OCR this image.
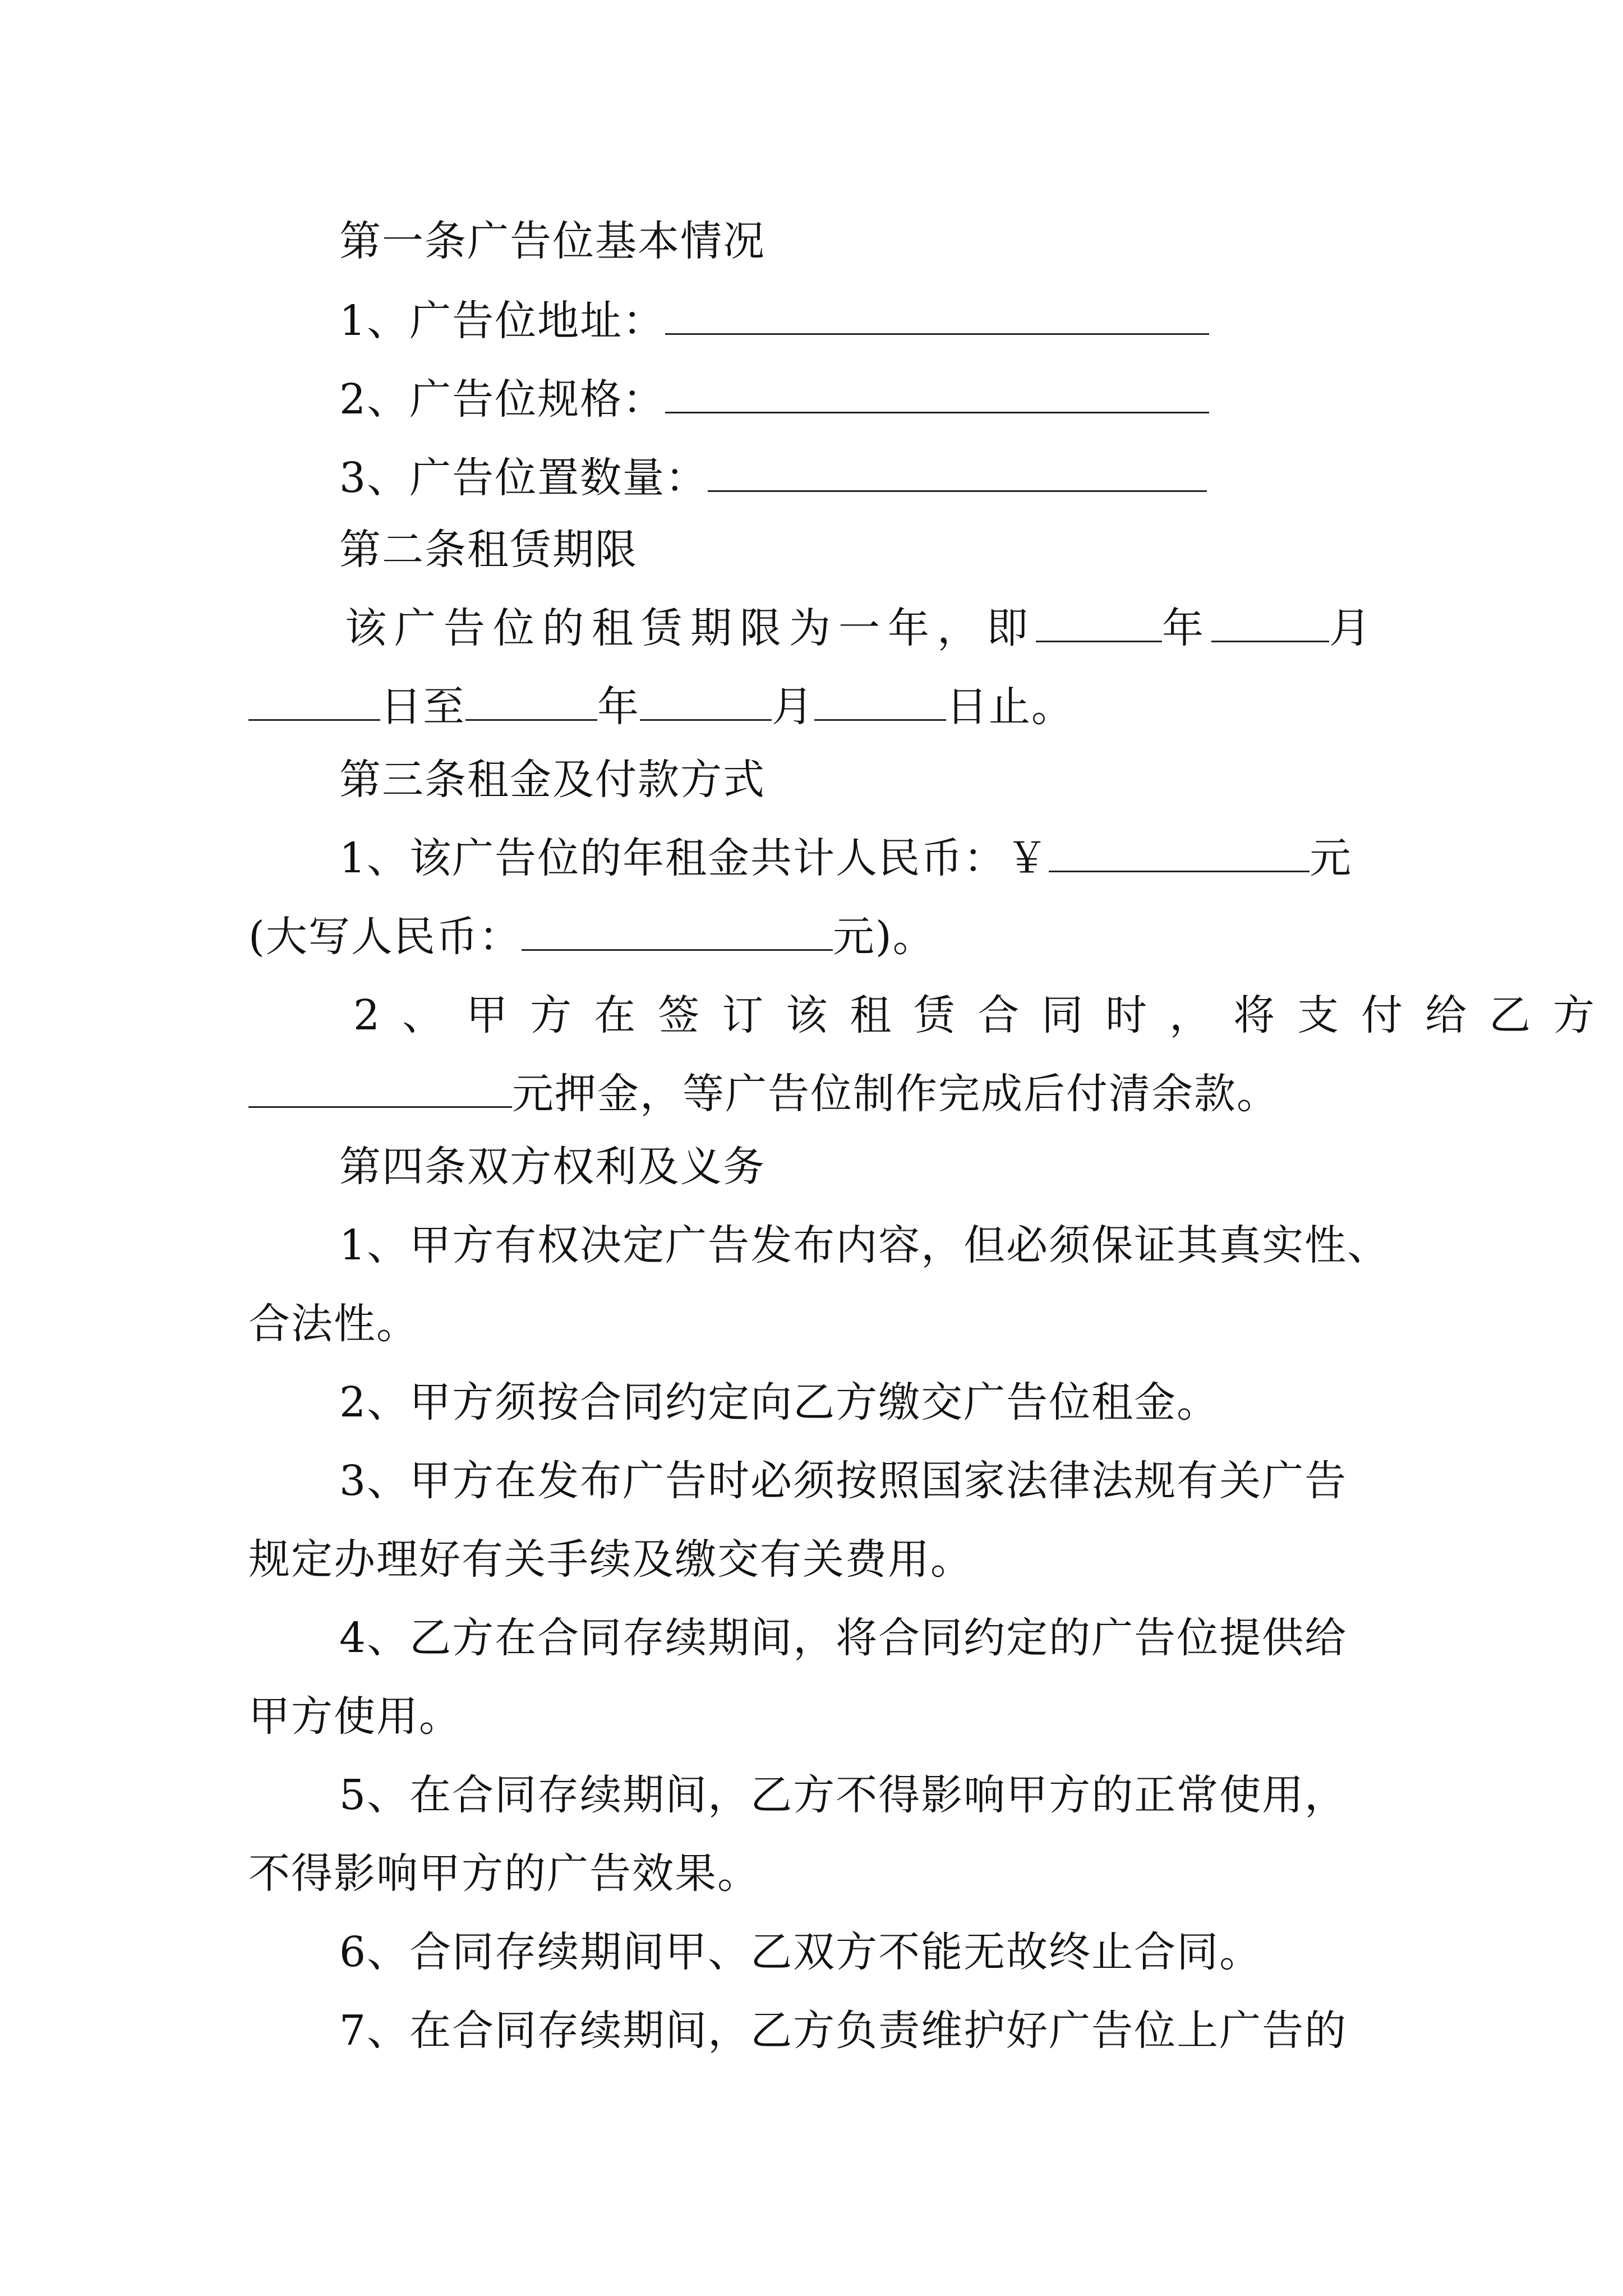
第一条广告位基本情况
1、广告位地址：
2、广告位规格：
3、广告位置数量：
第二条租赁期限
该广告位的租赁期限为一年，即	年	月
日至	年	月	日止。
第三条租金及付款方式
1、该广告位的年租金共计人民币：￥	元
(大写人民币：	元)。
2、甲方在签订该租赁合同时，将支付给乙方
元押金，等广告位制作完成后付清余款。
第四条双方权利及义务
1、甲方有权决定广告发布内容，但必须保证其真实性、
合法性。
2、甲方须按合同约定向乙方缴交广告位租金。
3、甲方在发布广告时必须按照国家法律法规有关广告
规定办理好有关手续及缴交有关费用。
4、乙方在合同存续期间，将合同约定的广告位提供给
甲方使用。
5、在合同存续期间，乙方不得影响甲方的正常使用，
不得影响甲方的广告效果。
6、合同存续期间甲、乙双方不能无故终止合同。
7、在合同存续期间，乙方负责维护好广告位上广告的
